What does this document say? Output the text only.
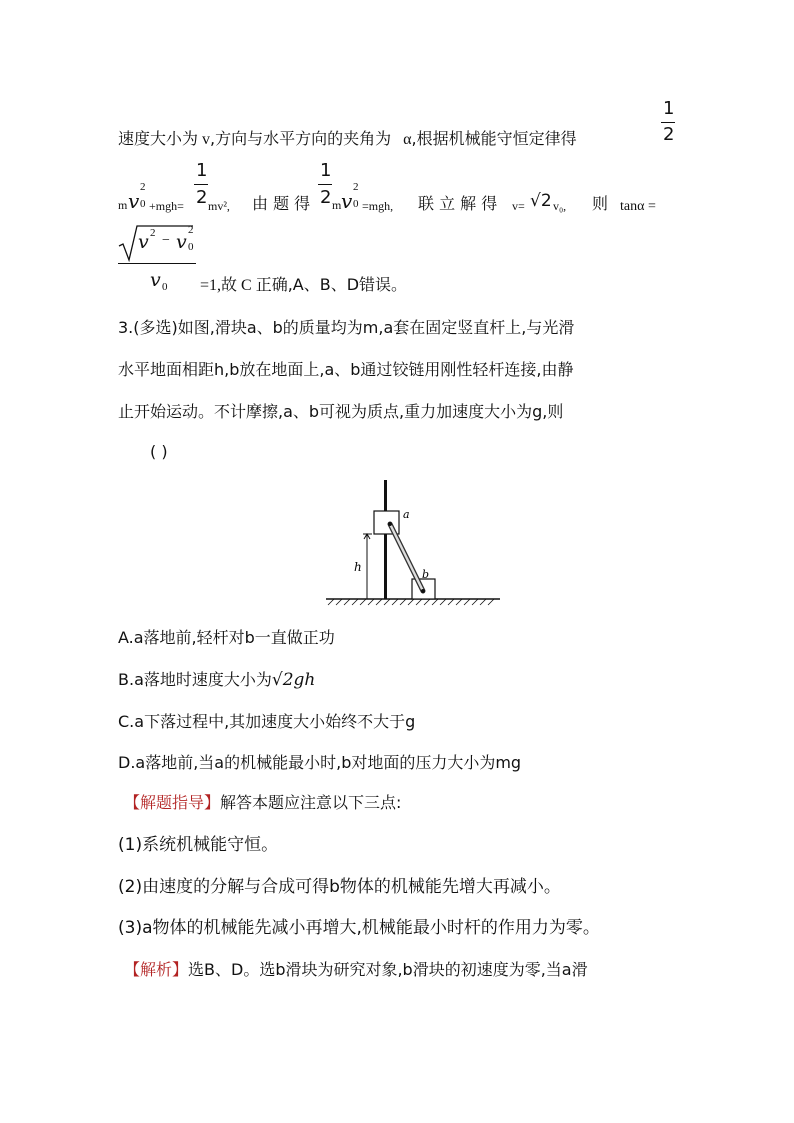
1
2
速度大小为 v,方向与水平方向的夹角为 α,根据机械能守恒定律得
m v
2
0 +mgh=
1
2 mv², 由 题 得
1
2 m v
2
0 =mgh, 联 立 解 得 v= √2 v₀, 则 tanα =
v 2 − v
2
0
v 0 =1,故 C 正确,A、B、D错误。
3.(多选)如图,滑块a、b的质量均为m,a套在固定竖直杆上,与光滑
水平地面相距h,b放在地面上,a、b通过铰链用刚性轻杆连接,由静
止开始运动。不计摩擦,a、b可视为质点,重力加速度大小为g,则
( )
h
a
b
A.a落地前,轻杆对b一直做正功
B.a落地时速度大小为√2gh
C.a下落过程中,其加速度大小始终不大于g
D.a落地前,当a的机械能最小时,b对地面的压力大小为mg
【解题指导】解答本题应注意以下三点:
(1)系统机械能守恒。
(2)由速度的分解与合成可得b物体的机械能先增大再减小。
(3)a物体的机械能先减小再增大,机械能最小时杆的作用力为零。
【解析】选B、D。选b滑块为研究对象,b滑块的初速度为零,当a滑
